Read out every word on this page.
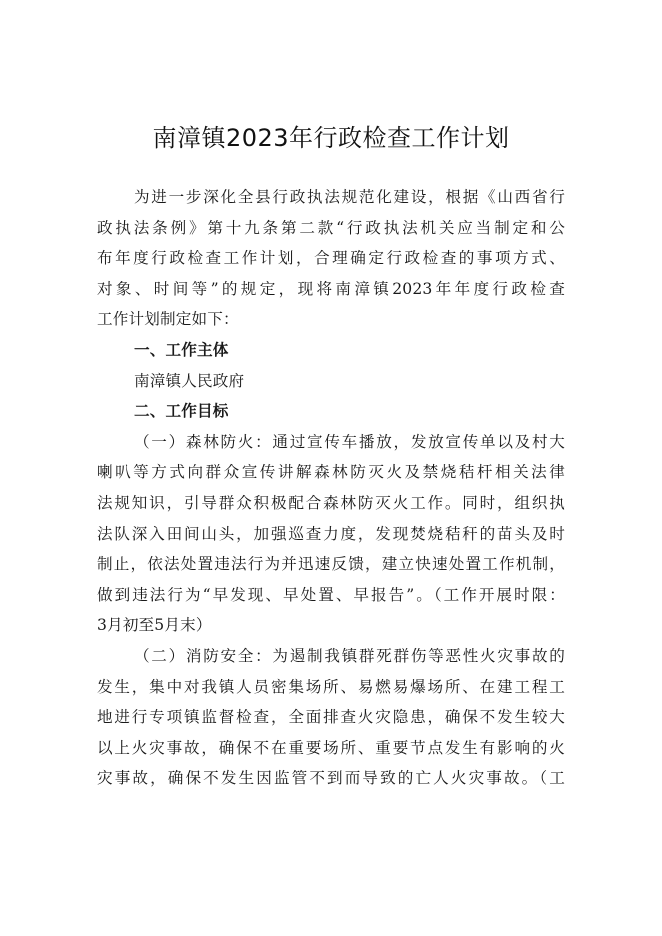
南漳镇2023年行政检查工作计划
为进一步深化全县行政执法规范化建设，根据《山西省行
政执法条例》第十九条第二款“行政执法机关应当制定和公
布年度行政检查工作计划，合理确定行政检查的事项方式、
对象、时间等”的规定，现将南漳镇2023年年度行政检查
工作计划制定如下：
一、工作主体
南漳镇人民政府
二、工作目标
（一）森林防火：通过宣传车播放，发放宣传单以及村大
喇叭等方式向群众宣传讲解森林防灭火及禁烧秸杆相关法律
法规知识，引导群众积极配合森林防灭火工作。同时，组织执
法队深入田间山头，加强巡查力度，发现焚烧秸秆的苗头及时
制止，依法处置违法行为并迅速反馈，建立快速处置工作机制，
做到违法行为“早发现、早处置、早报告”。（工作开展时限：
3月初至5月末）
（二）消防安全：为遏制我镇群死群伤等恶性火灾事故的
发生，集中对我镇人员密集场所、易燃易爆场所、在建工程工
地进行专项镇监督检查，全面排查火灾隐患，确保不发生较大
以上火灾事故，确保不在重要场所、重要节点发生有影响的火
灾事故，确保不发生因监管不到而导致的亡人火灾事故。（工
